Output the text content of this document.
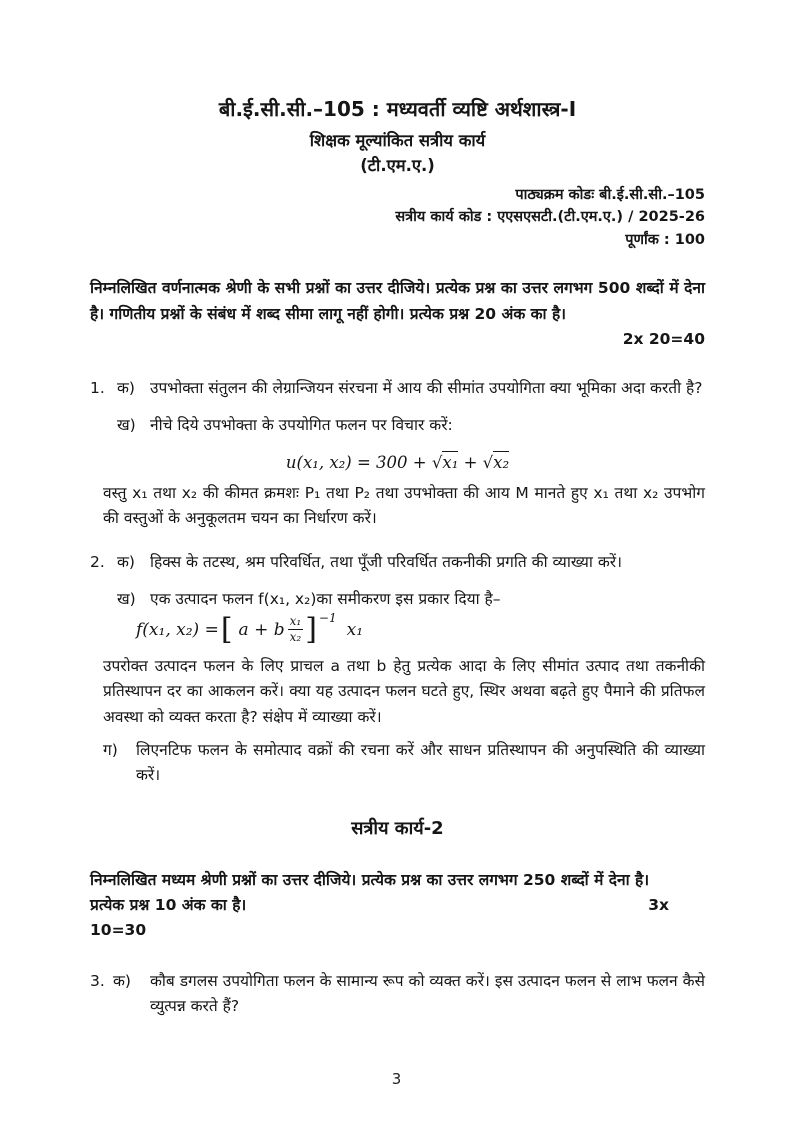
बी.ई.सी.सी.–105 : मध्यवर्ती व्यष्टि अर्थशास्त्र-I
शिक्षक मूल्यांकित सत्रीय कार्य
(टी.एम.ए.)
पाठ्यक्रम कोडः बी.ई.सी.सी.–105
सत्रीय कार्य कोड : एएसएसटी.(टी.एम.ए.) / 2025-26
पूर्णांक : 100
निम्नलिखित वर्णनात्मक श्रेणी के सभी प्रश्नों का उत्तर दीजिये। प्रत्येक प्रश्न का उत्तर लगभग 500 शब्दों में देना है। गणितीय प्रश्नों के संबंध में शब्द सीमा लागू नहीं होगी। प्रत्येक प्रश्न 20 अंक का है।
2x 20=40
1. क) उपभोक्ता संतुलन की लेग्रान्जियन संरचना में आय की सीमांत उपयोगिता क्या भूमिका अदा करती है?
ख) नीचे दिये उपभोक्ता के उपयोगित फलन पर विचार करें:
u(x₁, x₂) = 300 + √x₁ + √x₂
वस्तु x₁ तथा x₂ की कीमत क्रमशः P₁ तथा P₂ तथा उपभोक्ता की आय M मानते हुए x₁ तथा x₂ उपभोग की वस्तुओं के अनुकूलतम चयन का निर्धारण करें।
2. क) हिक्स के तटस्थ, श्रम परिवर्धित, तथा पूँजी परिवर्धित तकनीकी प्रगति की व्याख्या करें।
ख) एक उत्पादन फलन f(x₁, x₂)का समीकरण इस प्रकार दिया है–
f(x₁, x₂) = [ a + b $\frac{\text{x₁}}{\text{x₂}}$ ] −1
x₁
उपरोक्त उत्पादन फलन के लिए प्राचल a तथा b हेतु प्रत्येक आदा के लिए सीमांत उत्पाद तथा तकनीकी प्रतिस्थापन दर का आकलन करें। क्या यह उत्पादन फलन घटते हुए, स्थिर अथवा बढ़ते हुए पैमाने की प्रतिफल अवस्था को व्यक्त करता है? संक्षेप में व्याख्या करें।
ग)	लिएनटिफ फलन के समोत्पाद वक्रों की रचना करें और साधन प्रतिस्थापन की अनुपस्थिति की व्याख्या करें।
सत्रीय कार्य-2
निम्नलिखित मध्यम श्रेणी प्रश्नों का उत्तर दीजिये। प्रत्येक प्रश्न का उत्तर लगभग 250 शब्दों में देना है।
प्रत्येक प्रश्न 10 अंक का है।	3x
10=30
3. क)	कौब डगलस उपयोगिता फलन के सामान्य रूप को व्यक्त करें। इस उत्पादन फलन से लाभ फलन कैसे व्युत्पन्न करते हैं?
3
